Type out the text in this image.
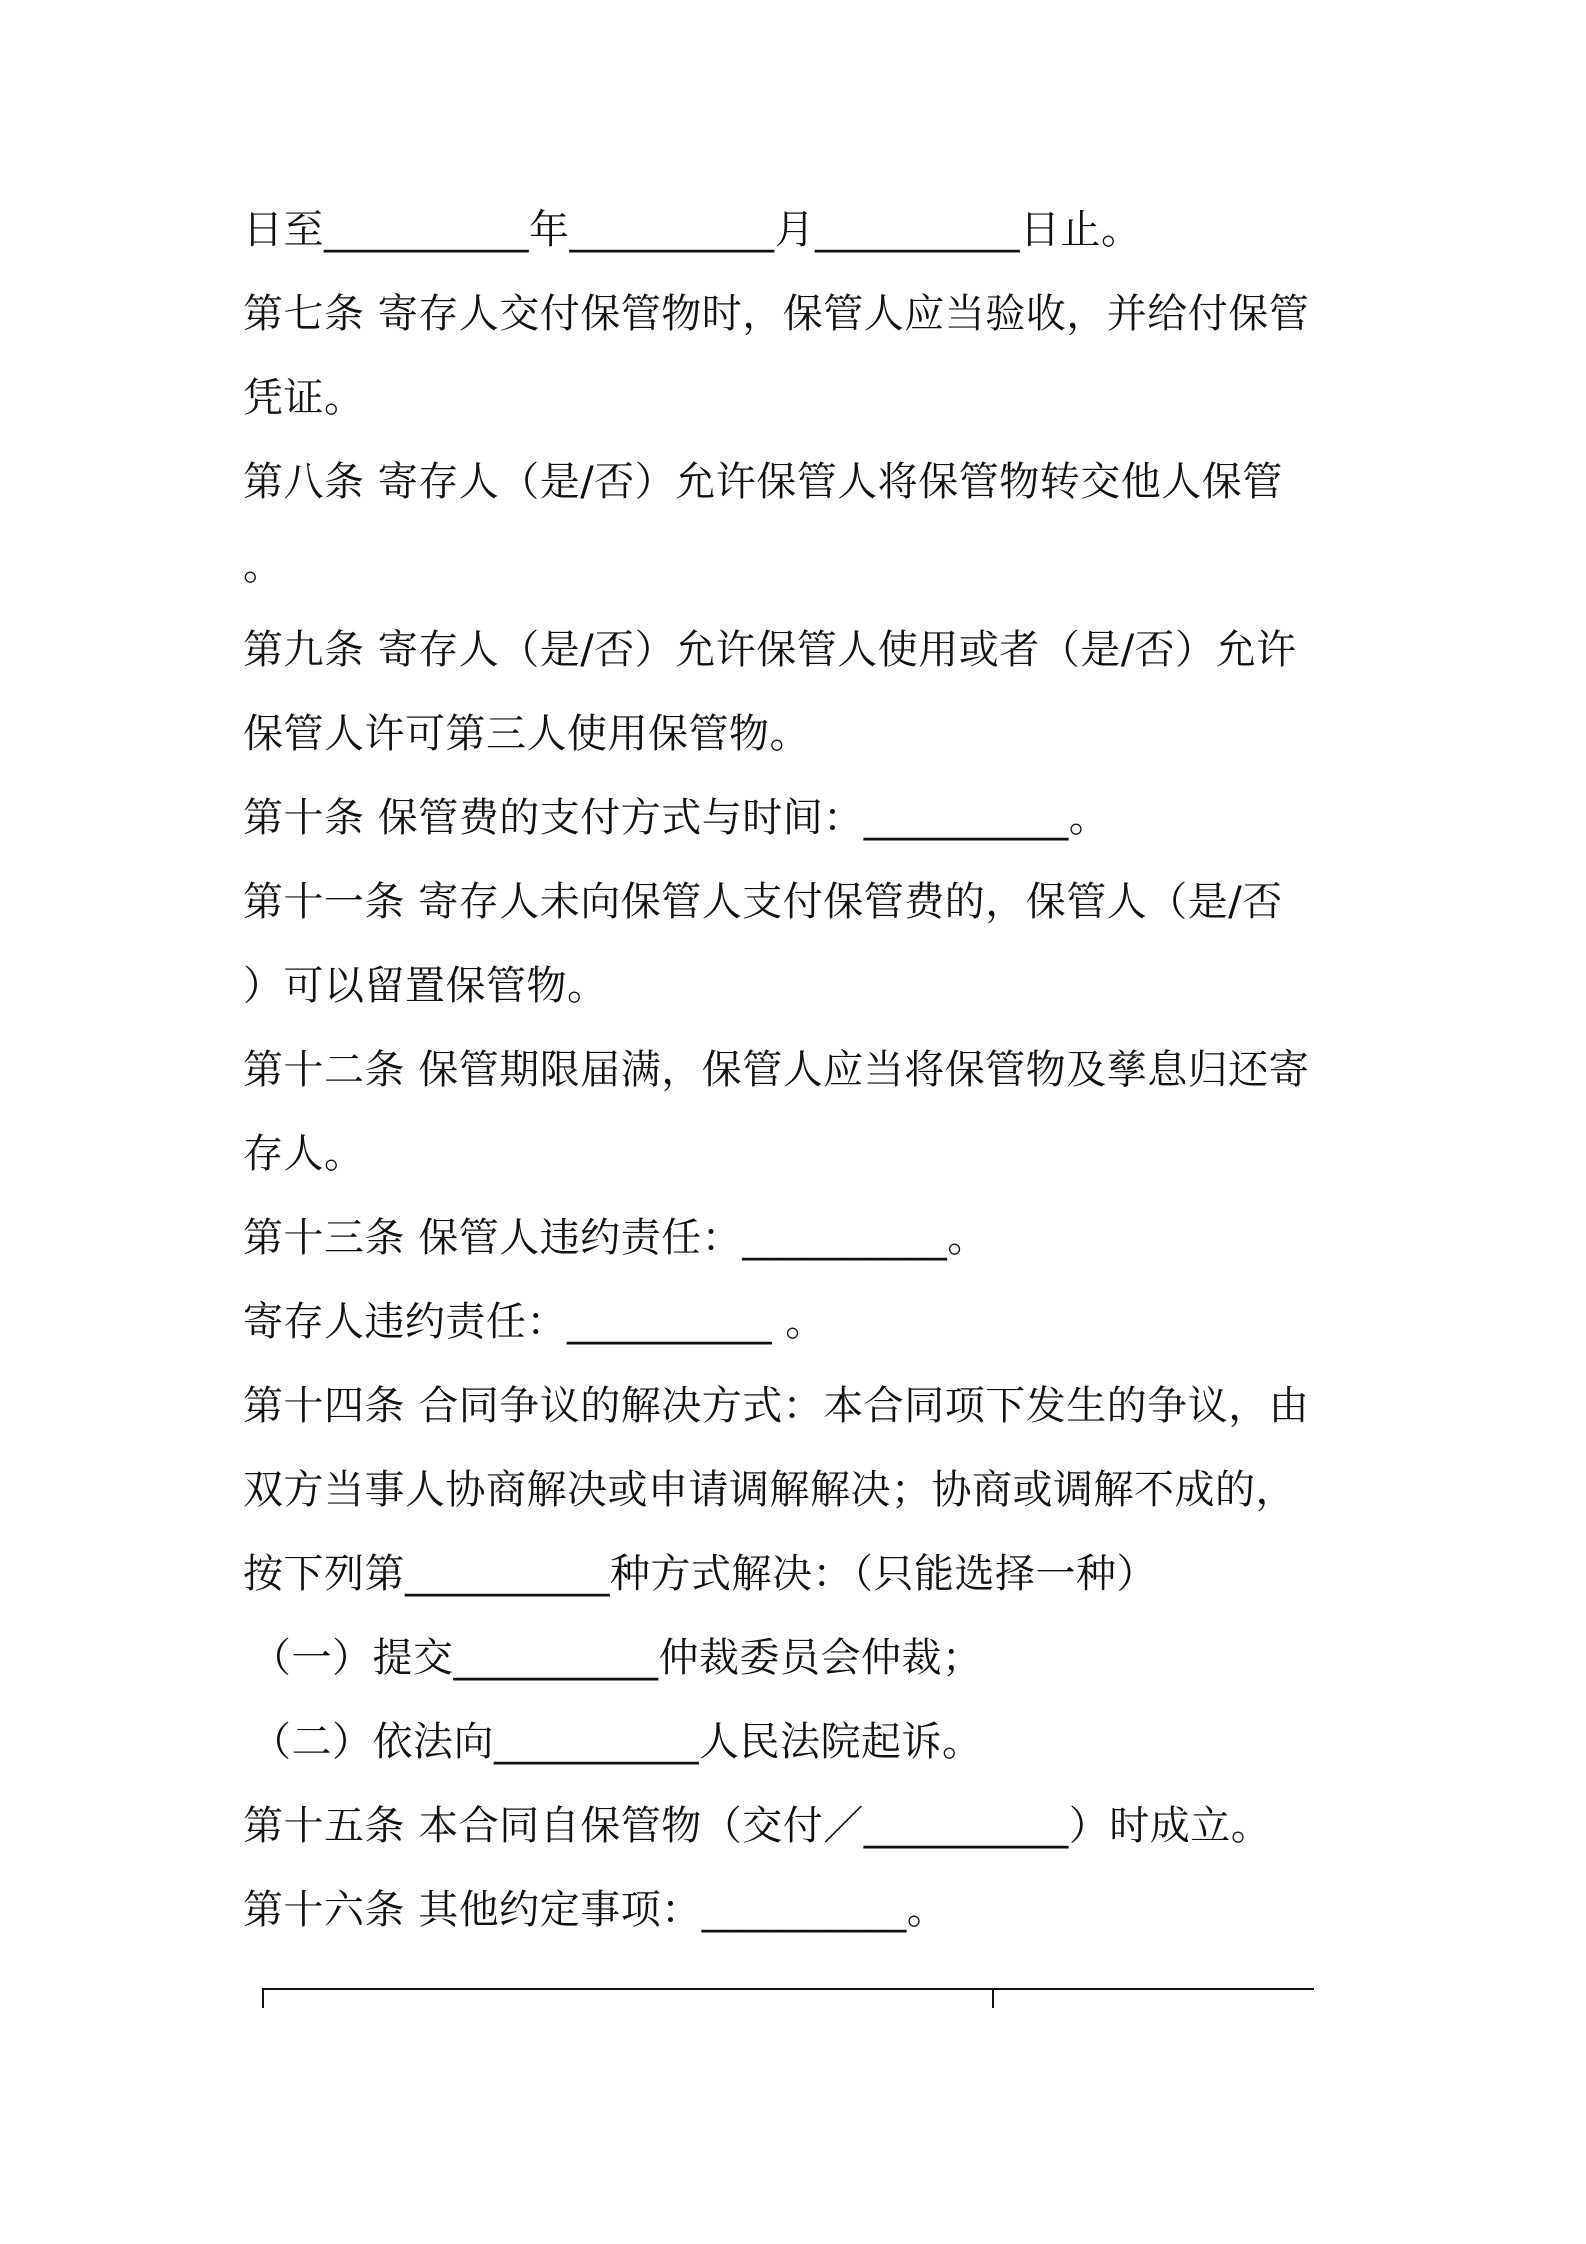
日至__________年__________月__________日止。
第七条 寄存人交付保管物时，保管人应当验收，并给付保管
凭证。
第八条 寄存人（是/否）允许保管人将保管物转交他人保管
。
第九条 寄存人（是/否）允许保管人使用或者（是/否）允许
保管人许可第三人使用保管物。
第十条 保管费的支付方式与时间：__________。
第十一条 寄存人未向保管人支付保管费的，保管人（是/否
）可以留置保管物。
第十二条 保管期限届满，保管人应当将保管物及孳息归还寄
存人。
第十三条 保管人违约责任：__________。
寄存人违约责任：__________ 。
第十四条 合同争议的解决方式：本合同项下发生的争议，由
双方当事人协商解决或申请调解解决；协商或调解不成的，
按下列第__________种方式解决：（只能选择一种）
（一）提交__________仲裁委员会仲裁；
（二）依法向__________人民法院起诉。
第十五条 本合同自保管物（交付／__________）时成立。
第十六条 其他约定事项：__________。
